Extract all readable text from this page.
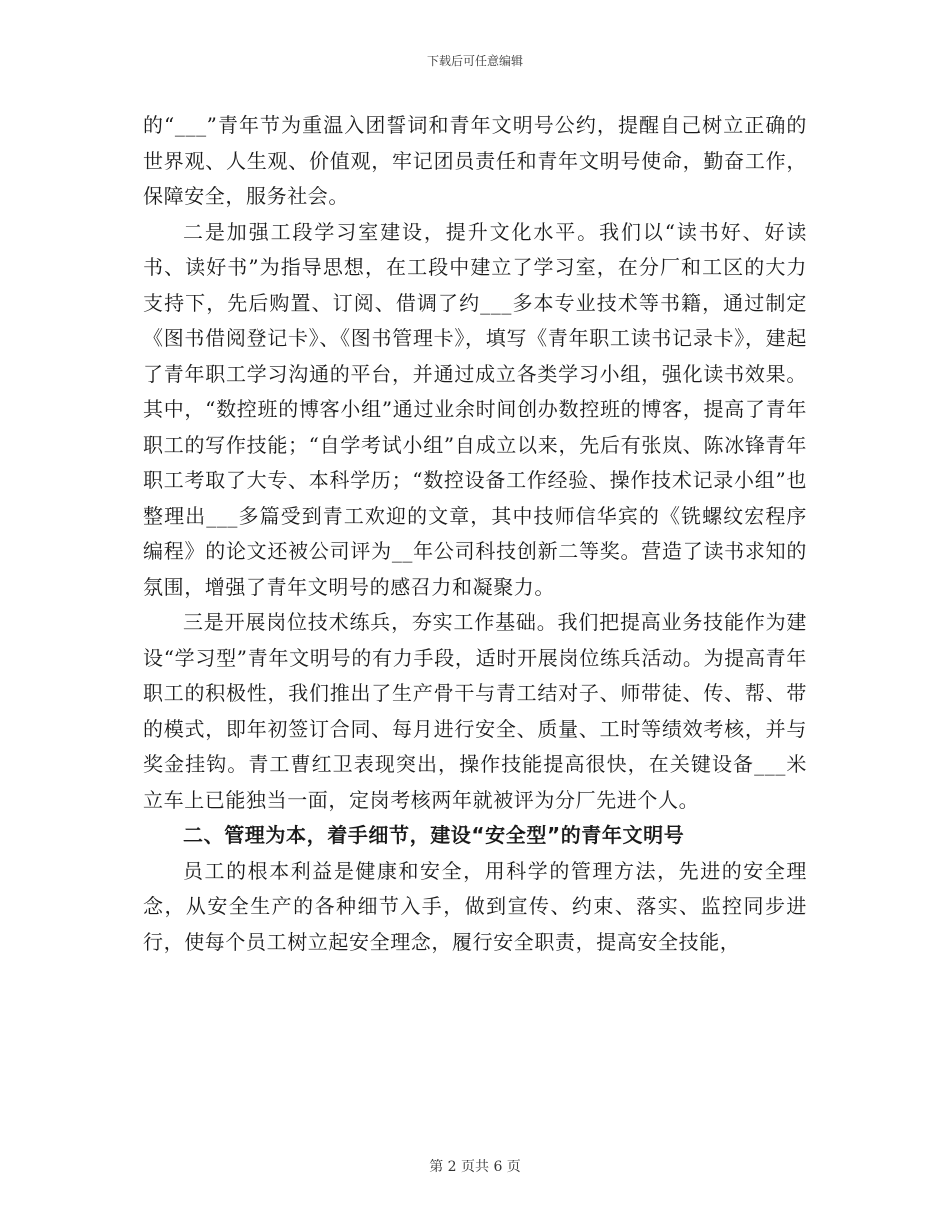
下载后可任意编辑

的“___”青年节为重温入团誓词和青年文明号公约，提醒自己树立正确的世界观、人生观、价值观，牢记团员责任和青年文明号使命，勤奋工作，保障安全，服务社会。

二是加强工段学习室建设，提升文化水平。我们以“读书好、好读书、读好书”为指导思想，在工段中建立了学习室，在分厂和工区的大力支持下，先后购置、订阅、借调了约___多本专业技术等书籍，通过制定《图书借阅登记卡》、《图书管理卡》，填写《青年职工读书记录卡》，建起了青年职工学习沟通的平台，并通过成立各类学习小组，强化读书效果。其中，“数控班的博客小组”通过业余时间创办数控班的博客，提高了青年职工的写作技能；“自学考试小组”自成立以来，先后有张岚、陈冰锋青年职工考取了大专、本科学历；“数控设备工作经验、操作技术记录小组”也整理出___多篇受到青工欢迎的文章，其中技师信华宾的《铣螺纹宏程序编程》的论文还被公司评为__年公司科技创新二等奖。营造了读书求知的氛围，增强了青年文明号的感召力和凝聚力。

三是开展岗位技术练兵，夯实工作基础。我们把提高业务技能作为建设“学习型”青年文明号的有力手段，适时开展岗位练兵活动。为提高青年职工的积极性，我们推出了生产骨干与青工结对子、师带徒、传、帮、带的模式，即年初签订合同、每月进行安全、质量、工时等绩效考核，并与奖金挂钩。青工曹红卫表现突出，操作技能提高很快，在关键设备___米立车上已能独当一面，定岗考核两年就被评为分厂先进个人。

二、管理为本，着手细节，建设“安全型”的青年文明号

员工的根本利益是健康和安全，用科学的管理方法，先进的安全理念，从安全生产的各种细节入手，做到宣传、约束、落实、监控同步进行，使每个员工树立起安全理念，履行安全职责，提高安全技能，

第 2 页共 6 页
